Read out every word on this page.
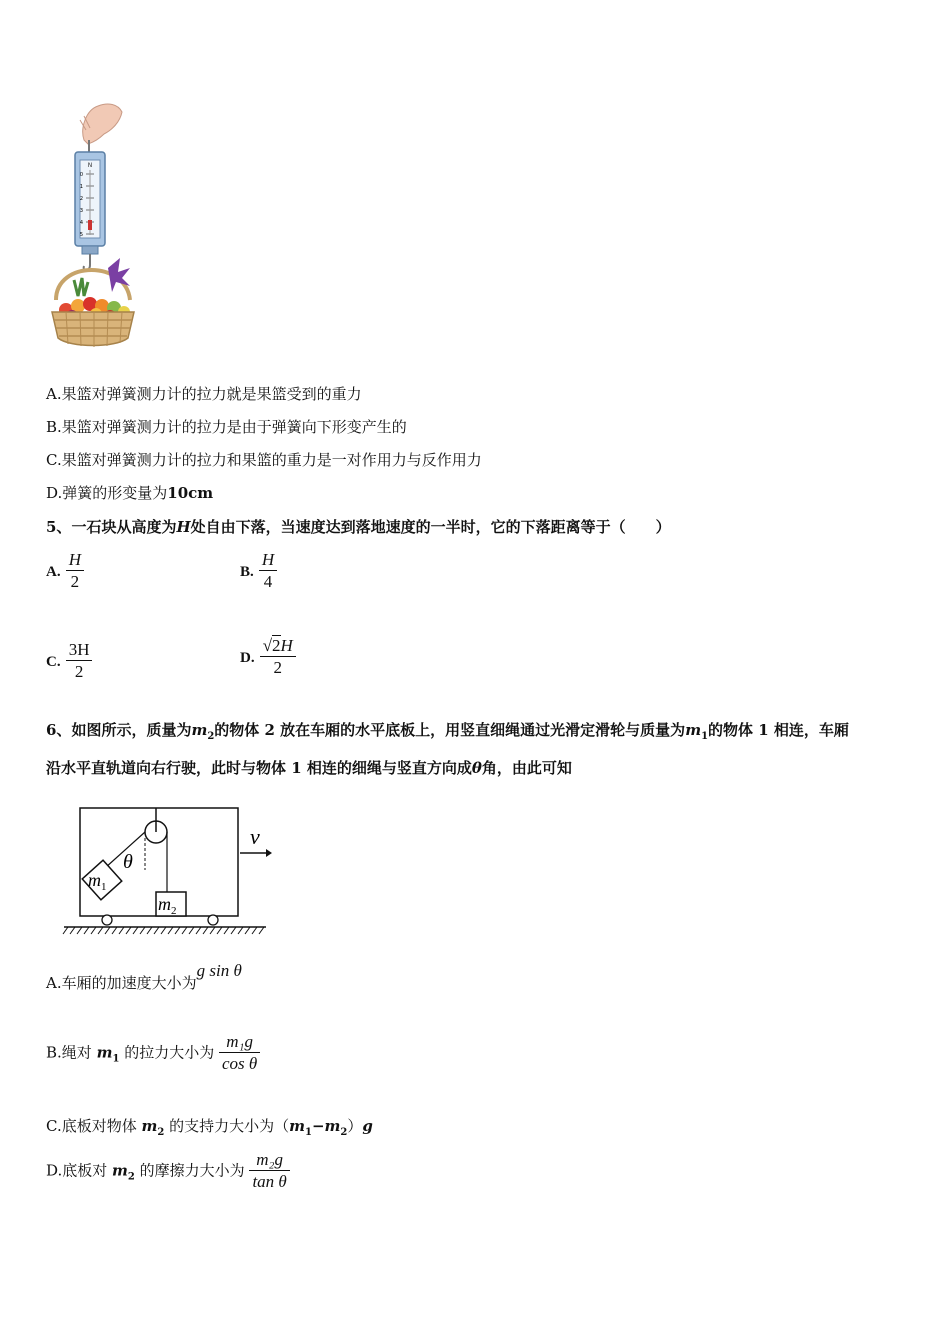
N
0
1
2
3
4
5
A.果篮对弹簧测力计的拉力就是果篮受到的重力
B.果篮对弹簧测力计的拉力是由于弹簧向下形变产生的
C.果篮对弹簧测力计的拉力和果篮的重力是一对作用力与反作用力
D.弹簧的形变量为10cm
5、一石块从高度为H处自由下落，当速度达到落地速度的一半时，它的下落距离等于（　　）
A. $\frac{H}{2}$	B. $\frac{H}{4}$
C. $\frac{3H}{2}$	D. $\frac{√2H}{2}$
6、如图所示，质量为$m_2$的物体 2 放在车厢的水平底板上，用竖直细绳通过光滑定滑轮与质量为$m_1$的物体 1 相连，车厢
沿水平直轨道向右行驶，此时与物体 1 相连的细绳与竖直方向成θ角，由此可知
$m_1$
θ
$m_2$
v
A.车厢的加速度大小为g sin θ
B.绳对 $m_1$ 的拉力大小为 $\frac{\text{m₁g}}{\text{cos θ}}$
C.底板对物体 $m_2$ 的支持力大小为$(m_1-m_2)g$
D.底板对 $m_2$ 的摩擦力大小为 $\frac{\text{m₂g}}{\text{tan θ}}$
